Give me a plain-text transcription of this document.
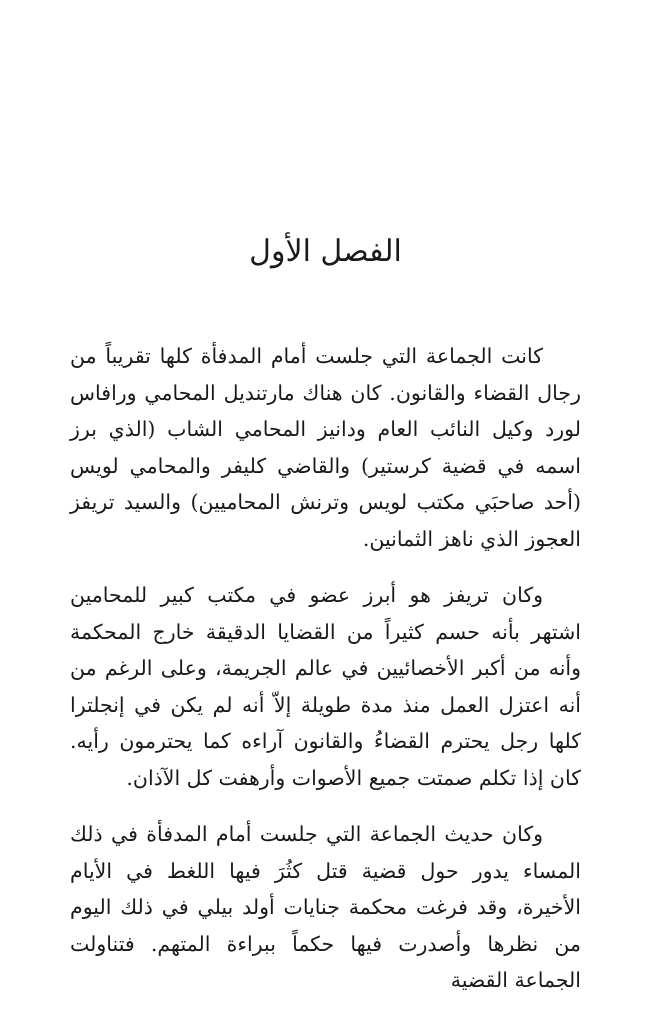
الفصل الأول

كانت الجماعة التي جلست أمام المدفأة كلها تقريباً من رجال القضاء والقانون. كان هناك مارتنديل المحامي ورافاس لورد وكيل النائب العام ودانيز المحامي الشاب (الذي برز اسمه في قضية كرستير) والقاضي كليفر والمحامي لويس (أحد صاحبَي مكتب لويس وترنش المحاميين) والسيد تريفز العجوز الذي ناهز الثمانين.

وكان تريفز هو أبرز عضو في مكتب كبير للمحامين اشتهر بأنه حسم كثيراً من القضايا الدقيقة خارج المحكمة وأنه من أكبر الأخصائيين في عالم الجريمة، وعلى الرغم من أنه اعتزل العمل منذ مدة طويلة إلاّ أنه لم يكن في إنجلترا كلها رجل يحترم القضاءُ والقانون آراءه كما يحترمون رأيه. كان إذا تكلم صمتت جميع الأصوات وأرهفت كل الآذان.

وكان حديث الجماعة التي جلست أمام المدفأة في ذلك المساء يدور حول قضية قتل كثُرَ فيها اللغط في الأيام الأخيرة، وقد فرغت محكمة جنايات أولد بيلي في ذلك اليوم من نظرها وأصدرت فيها حكماً ببراءة المتهم. فتناولت الجماعة القضية
